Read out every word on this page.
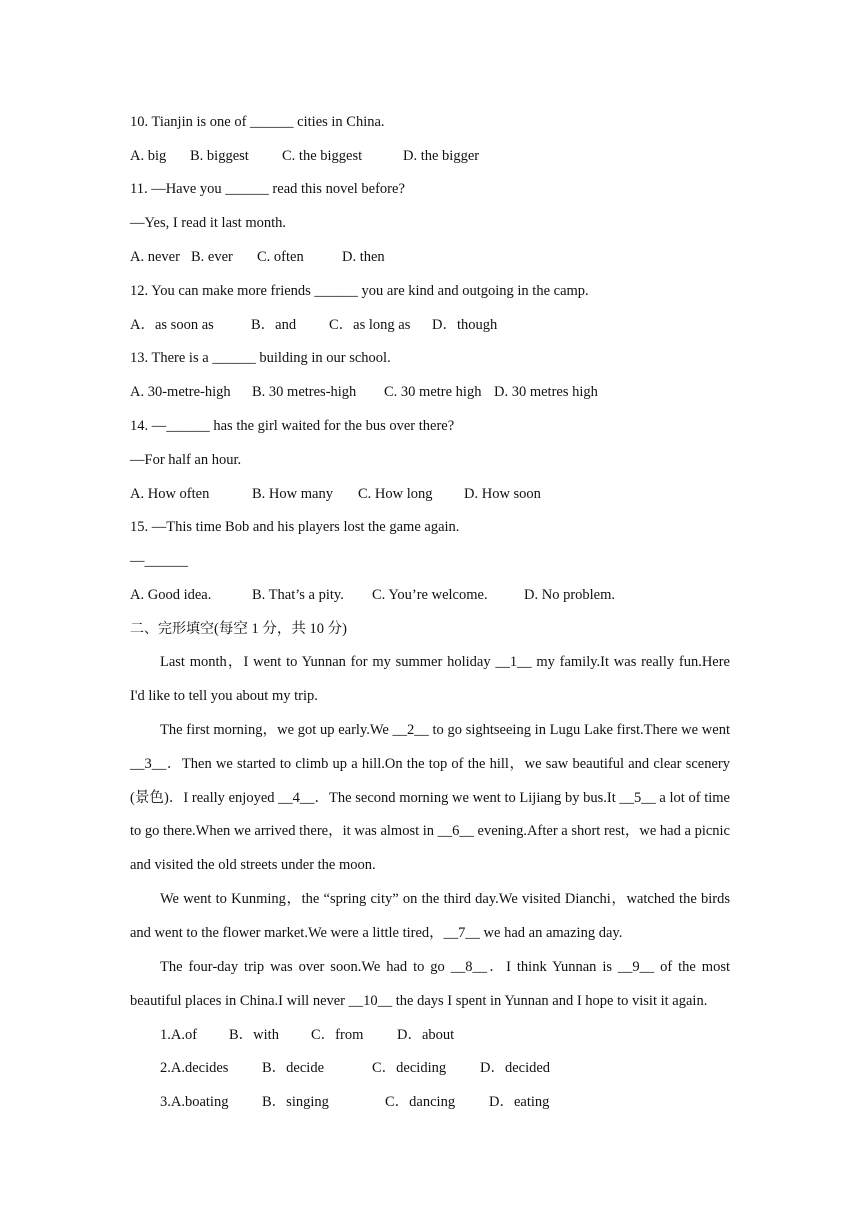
10. Tianjin is one of ______ cities in China.
A. big B. biggest C. the biggest	D. the bigger
11. —Have you ______ read this novel before?
—Yes, I read it last month.
A. never B. ever C. often	D. then
12. You can make more friends ______ you are kind and outgoing in the camp.
A．as soon as	B．and C．as long as D．though
13. There is a ______ building in our school.
A. 30-metre-high B. 30 metres-high C. 30 metre high D. 30 metres high
14. —______ has the girl waited for the bus over there?
—For half an hour.
A. How often	B. How many C. How long D. How soon
15. —This time Bob and his players lost the game again.
—______
A. Good idea.	B. That’s a pity. C. You’re welcome.	D. No problem.
二、完形填空(每空 1 分，共 10 分)
Last month，I went to Yunnan for my summer holiday __1__ my family.It was really fun.Here I'd like to tell you about my trip.
The first morning，we got up early.We __2__ to go sightseeing in Lugu Lake first.There we went __3__．Then we started to climb up a hill.On the top of the hill，we saw beautiful and clear scenery (景色)．I really enjoyed __4__．The second morning we went to Lijiang by bus.It __5__ a lot of time to go there.When we arrived there，it was almost in __6__ evening.After a short rest，we had a picnic and visited the old streets under the moon.
We went to Kunming，the “spring city” on the third day.We visited Dianchi，watched the birds and went to the flower market.We were a little tired，__7__ we had an amazing day.
The four-day trip was over soon.We had to go __8__．I think Yunnan is __9__ of the most beautiful places in China.I will never __10__ the days I spent in Yunnan and I hope to visit it again.
1.A.of B．with C．from D．about
2.A.decides B．decide	C．deciding D．decided
3.A.boating B．singing	C．dancing D．eating
